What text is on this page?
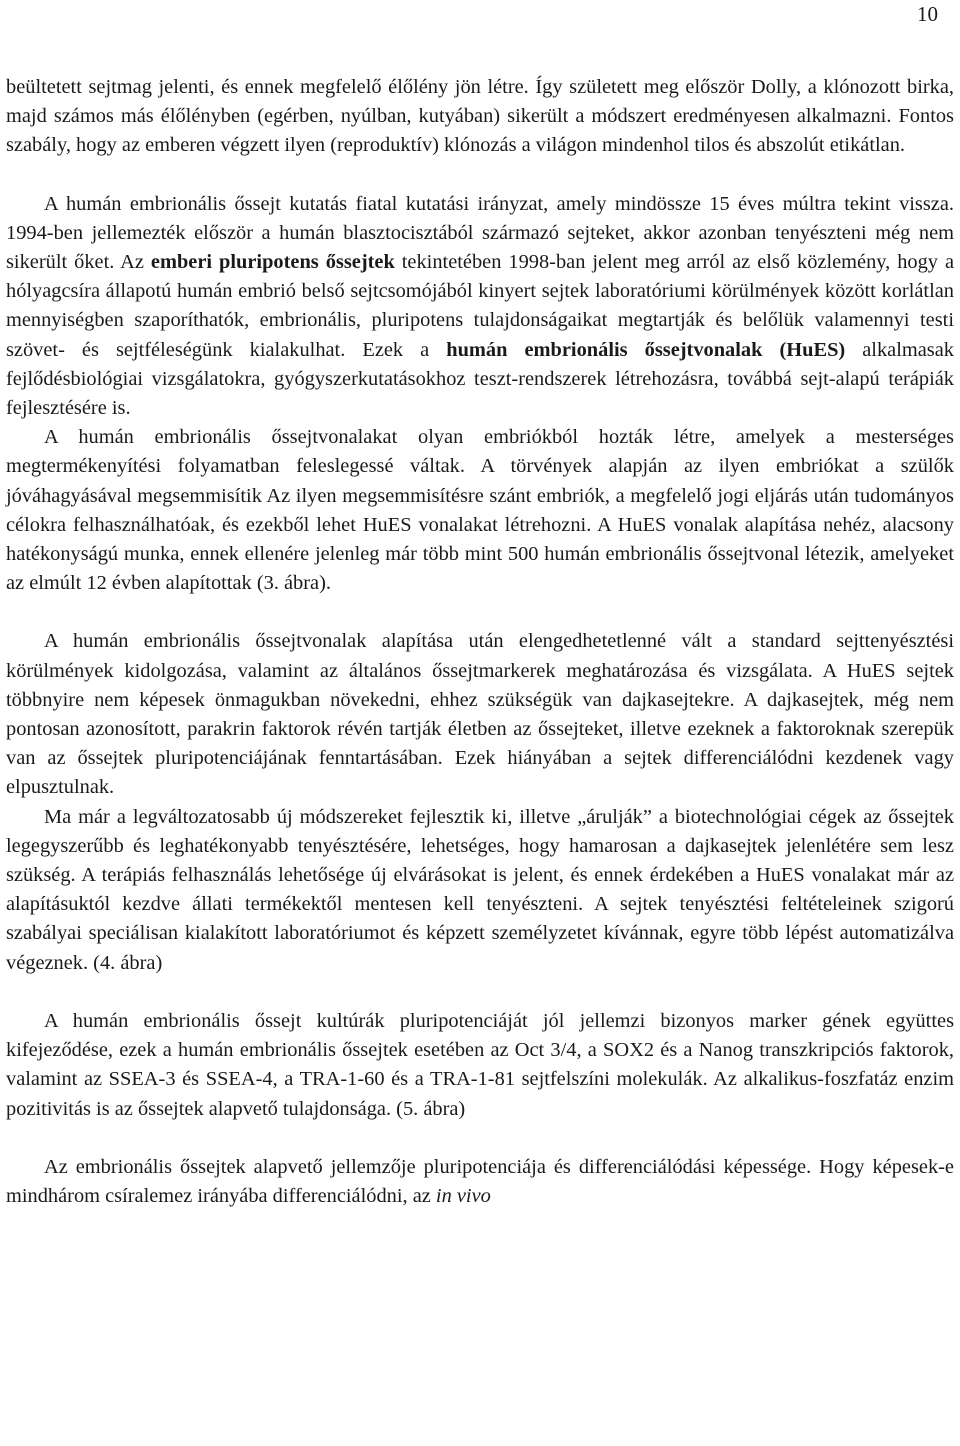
10

beültetett sejtmag jelenti, és ennek megfelelő élőlény jön létre. Így született meg először Dolly, a klónozott birka, majd számos más élőlényben (egérben, nyúlban, kutyában) sikerült a módszert eredményesen alkalmazni. Fontos szabály, hogy az emberen végzett ilyen (reproduktív) klónozás a világon mindenhol tilos és abszolút etikátlan.

A humán embrionális őssejt kutatás fiatal kutatási irányzat, amely mindössze 15 éves múltra tekint vissza. 1994-ben jellemezték először a humán blasztocisztából származó sejteket, akkor azonban tenyészteni még nem sikerült őket. Az emberi pluripotens őssejtek tekintetében 1998-ban jelent meg arról az első közlemény, hogy a hólyagcsíra állapotú humán embrió belső sejtcsomójából kinyert sejtek laboratóriumi körülmények között korlátlan mennyiségben szaporíthatók, embrionális, pluripotens tulajdonságaikat megtartják és belőlük valamennyi testi szövet- és sejtféleségünk kialakulhat. Ezek a humán embrionális őssejtvonalak (HuES) alkalmasak fejlődésbiológiai vizsgálatokra, gyógyszerkutatásokhoz teszt-rendszerek létrehozásra, továbbá sejt-alapú terápiák fejlesztésére is.

A humán embrionális őssejtvonalakat olyan embriókból hozták létre, amelyek a mesterséges megtermékenyítési folyamatban feleslegessé váltak. A törvények alapján az ilyen embriókat a szülők jóváhagyásával megsemmisítik Az ilyen megsemmisítésre szánt embriók, a megfelelő jogi eljárás után tudományos célokra felhasználhatóak, és ezekből lehet HuES vonalakat létrehozni. A HuES vonalak alapítása nehéz, alacsony hatékonyságú munka, ennek ellenére jelenleg már több mint 500 humán embrionális őssejtvonal létezik, amelyeket az elmúlt 12 évben alapítottak (3. ábra).

A humán embrionális őssejtvonalak alapítása után elengedhetetlenné vált a standard sejttenyésztési körülmények kidolgozása, valamint az általános őssejtmarkerek meghatározása és vizsgálata. A HuES sejtek többnyire nem képesek önmagukban növekedni, ehhez szükségük van dajkasejtekre. A dajkasejtek, még nem pontosan azonosított, parakrin faktorok révén tartják életben az őssejteket, illetve ezeknek a faktoroknak szerepük van az őssejtek pluripotenciájának fenntartásában. Ezek hiányában a sejtek differenciálódni kezdenek vagy elpusztulnak.

Ma már a legváltozatosabb új módszereket fejlesztik ki, illetve „árulják” a biotechnológiai cégek az őssejtek legegyszerűbb és leghatékonyabb tenyésztésére, lehetséges, hogy hamarosan a dajkasejtek jelenlétére sem lesz szükség. A terápiás felhasználás lehetősége új elvárásokat is jelent, és ennek érdekében a HuES vonalakat már az alapításuktól kezdve állati termékektől mentesen kell tenyészteni. A sejtek tenyésztési feltételeinek szigorú szabályai speciálisan kialakított laboratóriumot és képzett személyzetet kívánnak, egyre több lépést automatizálva végeznek. (4. ábra)

A humán embrionális őssejt kultúrák pluripotenciáját jól jellemzi bizonyos marker gének együttes kifejeződése, ezek a humán embrionális őssejtek esetében az Oct 3/4, a SOX2 és a Nanog transzkripciós faktorok, valamint az SSEA-3 és SSEA-4, a TRA-1-60 és a TRA-1-81 sejtfelszíni molekulák. Az alkalikus-foszfatáz enzim pozitivitás is az őssejtek alapvető tulajdonsága. (5. ábra)

Az embrionális őssejtek alapvető jellemzője pluripotenciája és differenciálódási képessége. Hogy képesek-e mindhárom csíralemez irányába differenciálódni, az in vivo
